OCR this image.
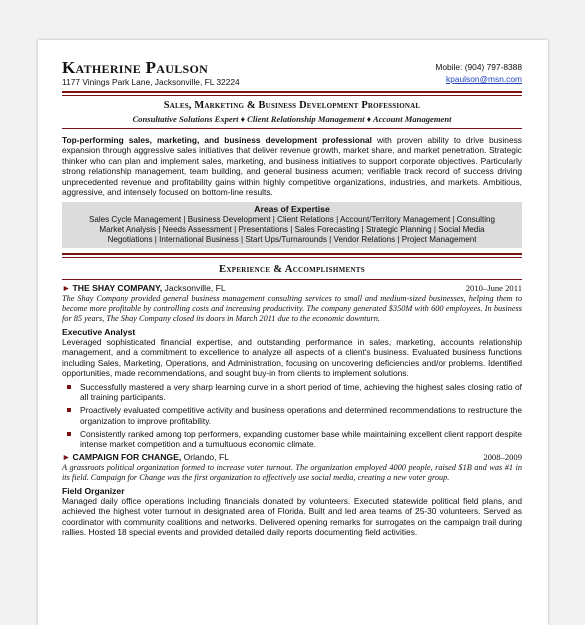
Katherine Paulson
1177 Vinings Park Lane, Jacksonville, FL 32224
Mobile: (904) 797-8388
kpaulson@msn.com
Sales, Marketing & Business Development Professional
Consultative Solutions Expert ♦ Client Relationship Management ♦ Account Management
Top-performing sales, marketing, and business development professional with proven ability to drive business expansion through aggressive sales initiatives that deliver revenue growth, market share, and market penetration. Strategic thinker who can plan and implement sales, marketing, and business initiatives to support corporate objectives. Particularly strong relationship management, team building, and general business acumen; verifiable track record of success driving unprecedented revenue and profitability gains within highly competitive organizations, industries, and markets. Ambitious, aggressive, and intensely focused on bottom-line results.
Areas of Expertise
Sales Cycle Management | Business Development | Client Relations | Account/Territory Management | Consulting
Market Analysis | Needs Assessment | Presentations | Sales Forecasting | Strategic Planning | Social Media
Negotiations | International Business | Start Ups/Turnarounds | Vendor Relations | Project Management
Experience & Accomplishments
► THE SHAY COMPANY, Jacksonville, FL	2010–June 2011
The Shay Company provided general business management consulting services to small and medium-sized businesses, helping them to become more profitable by controlling costs and increasing productivity. The company generated $350M with 600 employees. In business for 85 years, The Shay Company closed its doors in March 2011 due to the economic downturn.
Executive Analyst
Leveraged sophisticated financial expertise, and outstanding performance in sales, marketing, accounts relationship management, and a commitment to excellence to analyze all aspects of a client's business. Evaluated business functions including Sales, Marketing, Operations, and Administration, focusing on uncovering deficiencies and/or problems. Identified opportunities, made recommendations, and sought buy-in from clients to implement solutions.
Successfully mastered a very sharp learning curve in a short period of time, achieving the highest sales closing ratio of all training participants.
Proactively evaluated competitive activity and business operations and determined recommendations to restructure the organization to improve profitability.
Consistently ranked among top performers, expanding customer base while maintaining excellent client rapport despite intense market competition and a tumultuous economic climate.
► CAMPAIGN FOR CHANGE, Orlando, FL	2008–2009
A grassroots political organization formed to increase voter turnout. The organization employed 4000 people, raised $1B and was #1 in its field. Campaign for Change was the first organization to effectively use social media, creating a new voter group.
Field Organizer
Managed daily office operations including financials donated by volunteers. Executed statewide political field plans, and achieved the highest voter turnout in designated area of Florida. Built and led area teams of 25-30 volunteers. Served as coordinator with community coalitions and networks. Delivered opening remarks for surrogates on the campaign trail during rallies. Hosted 18 special events and provided detailed daily reports documenting field activities.
